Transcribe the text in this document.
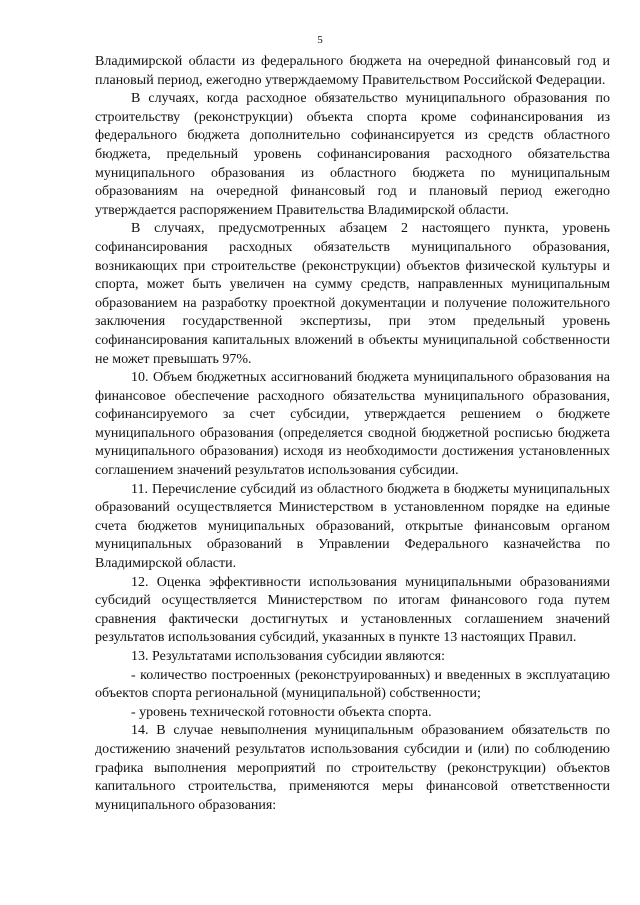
5

Владимирской области из федерального бюджета на очередной финансовый год и плановый период, ежегодно утверждаемому Правительством Российской Федерации.

В случаях, когда расходное обязательство муниципального образования по строительству (реконструкции) объекта спорта кроме софинансирования из федерального бюджета дополнительно софинансируется из средств областного бюджета, предельный уровень софинансирования расходного обязательства муниципального образования из областного бюджета по муниципальным образованиям на очередной финансовый год и плановый период ежегодно утверждается распоряжением Правительства Владимирской области.

В случаях, предусмотренных абзацем 2 настоящего пункта, уровень софинансирования расходных обязательств муниципального образования, возникающих при строительстве (реконструкции) объектов физической культуры и спорта, может быть увеличен на сумму средств, направленных муниципальным образованием на разработку проектной документации и получение положительного заключения государственной экспертизы, при этом предельный уровень софинансирования капитальных вложений в объекты муниципальной собственности не может превышать 97%.

10. Объем бюджетных ассигнований бюджета муниципального образования на финансовое обеспечение расходного обязательства муниципального образования, софинансируемого за счет субсидии, утверждается решением о бюджете муниципального образования (определяется сводной бюджетной росписью бюджета муниципального образования) исходя из необходимости достижения установленных соглашением значений результатов использования субсидии.

11. Перечисление субсидий из областного бюджета в бюджеты муниципальных образований осуществляется Министерством в установленном порядке на единые счета бюджетов муниципальных образований, открытые финансовым органом муниципальных образований в Управлении Федерального казначейства по Владимирской области.

12. Оценка эффективности использования муниципальными образованиями субсидий осуществляется Министерством по итогам финансового года путем сравнения фактически достигнутых и установленных соглашением значений результатов использования субсидий, указанных в пункте 13 настоящих Правил.

13. Результатами использования субсидии являются:

- количество построенных (реконструированных) и введенных в эксплуатацию объектов спорта региональной (муниципальной) собственности;

- уровень технической готовности объекта спорта.

14. В случае невыполнения муниципальным образованием обязательств по достижению значений результатов использования субсидии и (или) по соблюдению графика выполнения мероприятий по строительству (реконструкции) объектов капитального строительства, применяются меры финансовой ответственности муниципального образования:
